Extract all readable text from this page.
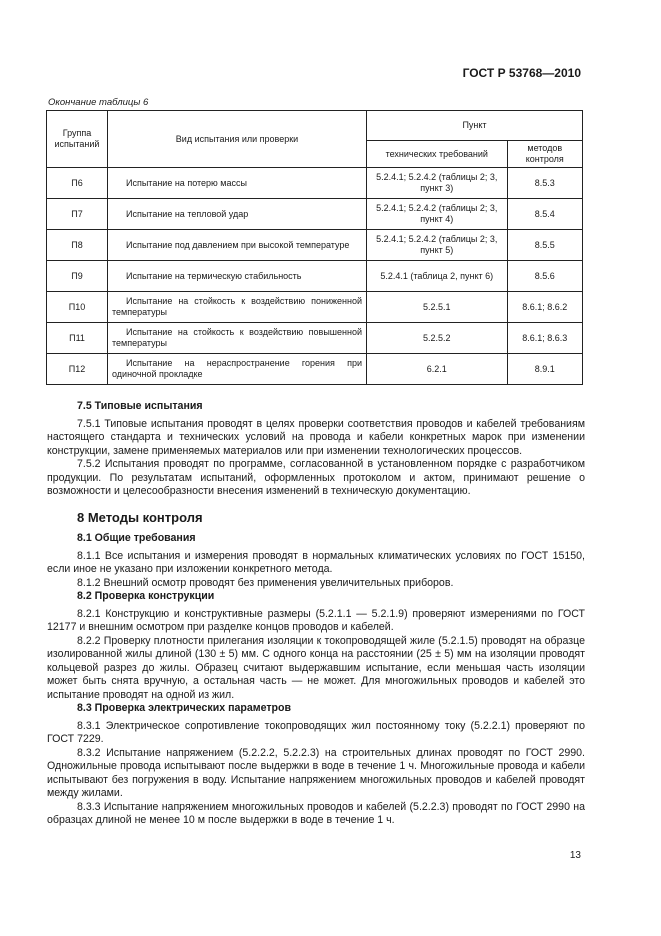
ГОСТ Р 53768—2010
Окончание таблицы 6
Группа испытаний	Вид испытания или проверки	Пункт	
		технических требований	методов контроля
П6	Испытание на потерю массы	5.2.4.1; 5.2.4.2 (таблицы 2; 3, пункт 3)	8.5.3
П7	Испытание на тепловой удар	5.2.4.1; 5.2.4.2 (таблицы 2; 3, пункт 4)	8.5.4
П8	Испытание под давлением при высокой температуре	5.2.4.1; 5.2.4.2 (таблицы 2; 3, пункт 5)	8.5.5
П9	Испытание на термическую стабильность	5.2.4.1 (таблица 2, пункт 6)	8.5.6
П10	Испытание на стойкость к воздействию пониженной температуры	5.2.5.1	8.6.1; 8.6.2
П11	Испытание на стойкость к воздействию повышенной температуры	5.2.5.2	8.6.1; 8.6.3
П12	Испытание на нераспространение горения при одиночной прокладке	6.2.1	8.9.1
7.5 Типовые испытания

7.5.1 Типовые испытания проводят в целях проверки соответствия проводов и кабелей требованиям настоящего стандарта и технических условий на провода и кабели конкретных марок при изменении конструкции, замене применяемых материалов или при изменении технологических процессов.

7.5.2 Испытания проводят по программе, согласованной в установленном порядке с разработчиком продукции. По результатам испытаний, оформленных протоколом и актом, принимают решение о возможности и целесообразности внесения изменений в техническую документацию.

8 Методы контроля
8.1 Общие требования

8.1.1 Все испытания и измерения проводят в нормальных климатических условиях по ГОСТ 15150, если иное не указано при изложении конкретного метода.

8.1.2 Внешний осмотр проводят без применения увеличительных приборов.

8.2 Проверка конструкции

8.2.1 Конструкцию и конструктивные размеры (5.2.1.1 — 5.2.1.9) проверяют измерениями по ГОСТ 12177 и внешним осмотром при разделке концов проводов и кабелей.

8.2.2 Проверку плотности прилегания изоляции к токопроводящей жиле (5.2.1.5) проводят на образце изолированной жилы длиной (130 ± 5) мм. С одного конца на расстоянии (25 ± 5) мм на изоляции проводят кольцевой разрез до жилы. Образец считают выдержавшим испытание, если меньшая часть изоляции может быть снята вручную, а остальная часть — не может. Для многожильных проводов и кабелей это испытание проводят на одной из жил.

8.3 Проверка электрических параметров

8.3.1 Электрическое сопротивление токопроводящих жил постоянному току (5.2.2.1) проверяют по ГОСТ 7229.

8.3.2 Испытание напряжением (5.2.2.2, 5.2.2.3) на строительных длинах проводят по ГОСТ 2990. Одножильные провода испытывают после выдержки в воде в течение 1 ч. Многожильные провода и кабели испытывают без погружения в воду. Испытание напряжением многожильных проводов и кабелей проводят между жилами.

8.3.3 Испытание напряжением многожильных проводов и кабелей (5.2.2.3) проводят по ГОСТ 2990 на образцах длиной не менее 10 м после выдержки в воде в течение 1 ч.

13
